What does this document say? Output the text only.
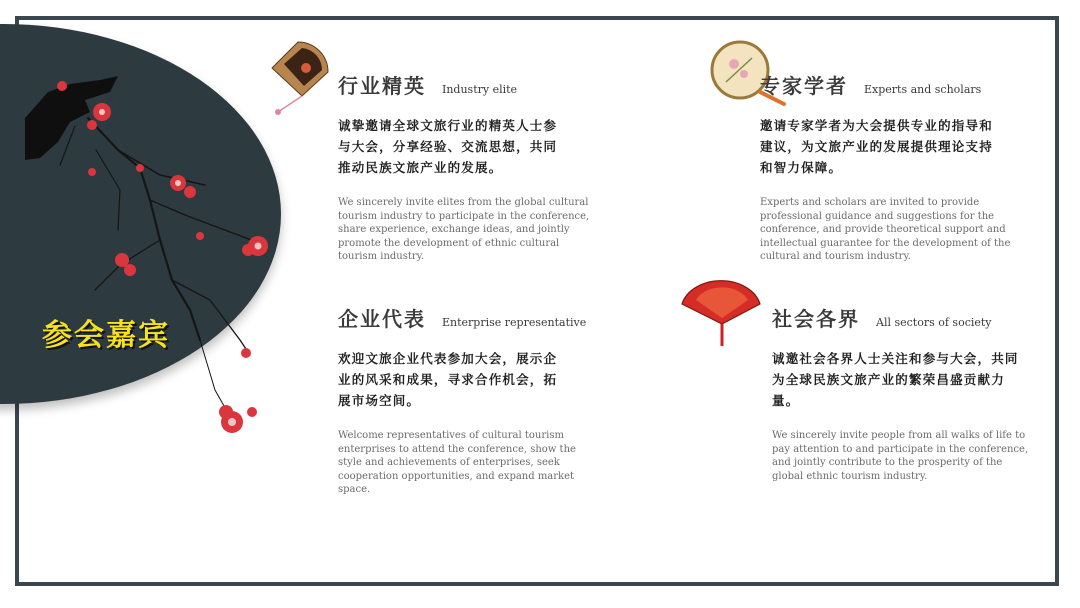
参会嘉宾
行业精英 Industry elite

诚挚邀请全球文旅行业的精英人士参与大会，分享经验、交流思想，共同推动民族文旅产业的发展。

We sincerely invite elites from the global cultural tourism industry to participate in the conference, share experience, exchange ideas, and jointly promote the development of ethnic cultural tourism industry.

专家学者 Experts and scholars

邀请专家学者为大会提供专业的指导和建议，为文旅产业的发展提供理论支持和智力保障。

Experts and scholars are invited to provide professional guidance and suggestions for the conference, and provide theoretical support and intellectual guarantee for the development of the cultural and tourism industry.

企业代表 Enterprise representative

欢迎文旅企业代表参加大会，展示企业的风采和成果，寻求合作机会，拓展市场空间。

Welcome representatives of cultural tourism enterprises to attend the conference, show the style and achievements of enterprises, seek cooperation opportunities, and expand market space.

社会各界 All sectors of society

诚邀社会各界人士关注和参与大会，共同为全球民族文旅产业的繁荣昌盛贡献力量。

We sincerely invite people from all walks of life to pay attention to and participate in the conference, and jointly contribute to the prosperity of the global ethnic tourism industry.
